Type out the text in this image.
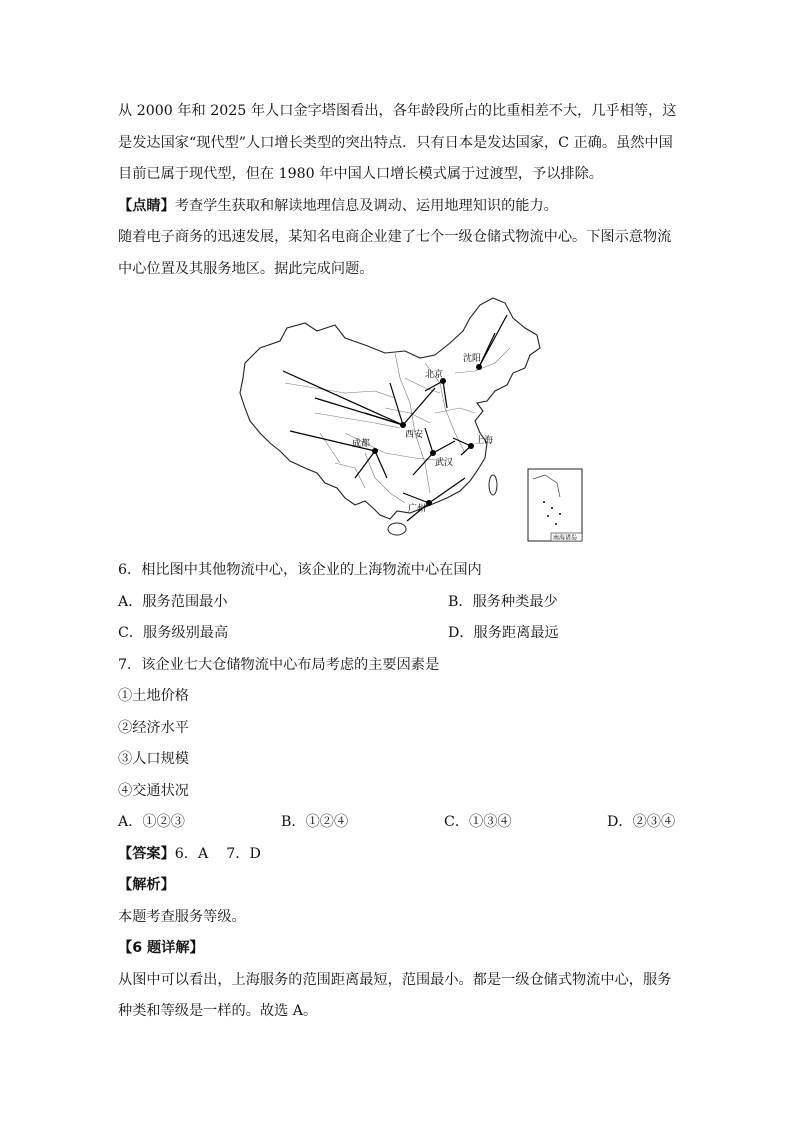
从 2000 年和 2025 年人口金字塔图看出，各年龄段所占的比重相差不大，几乎相等，这是发达国家“现代型”人口增长类型的突出特点．只有日本是发达国家，C 正确。虽然中国目前已属于现代型，但在 1980 年中国人口增长模式属于过渡型，予以排除。

【点睛】考查学生获取和解读地理信息及调动、运用地理知识的能力。

随着电子商务的迅速发展，某知名电商企业建了七个一级仓储式物流中心。下图示意物流中心位置及其服务地区。据此完成问题。

沈阳
北京
西安
成都
武汉
上海
广州
南海诸岛

6．相比图中其他物流中心，该企业的上海物流中心在国内

A．服务范围最小	B．服务种类最少
C．服务级别最高	D．服务距离最远

7．该企业七大仓储物流中心布局考虑的主要因素是

①土地价格

②经济水平

③人口规模

④交通状况

A．①②③	B．①②④	C．①③④	D．②③④

【答案】6．A    7．D

【解析】

本题考查服务等级。

【6 题详解】

从图中可以看出，上海服务的范围距离最短，范围最小。都是一级仓储式物流中心，服务种类和等级是一样的。故选 A。
